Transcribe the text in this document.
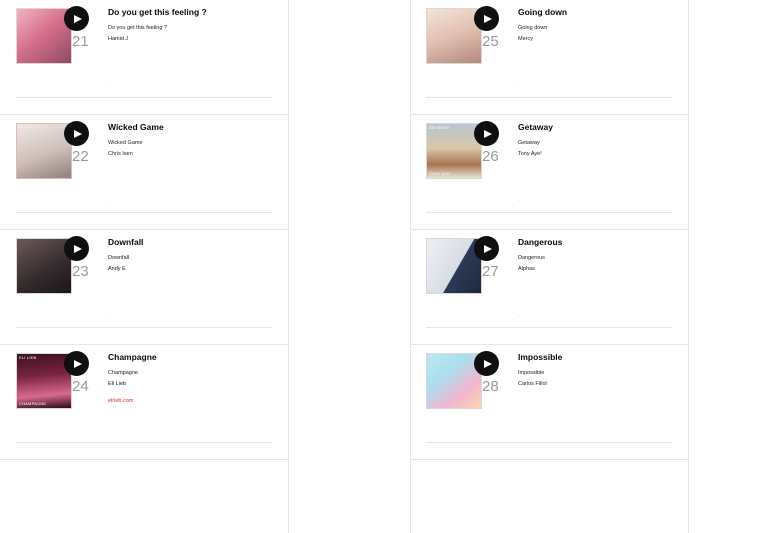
21

Do you get this feeling ?

Do you get this feeling ?

Hamid J

.
22

Wicked Game

Wicked Game

Chris Isen

.
23

Downfall

Downfall

Andy E

.
ELI LIEB
CHAMPAGNE
24

Champagne

Champagne

Eli Lieb

elrleb.com
25

Going down

Going down

Mercy

.
GETAWAY
TONY AYE
26

Getaway

Getaway

Tony Aye!

.
27

Dangerous

Dangerous

Alphas

.
28

Impossible

Impossible

Carlos Fillol
